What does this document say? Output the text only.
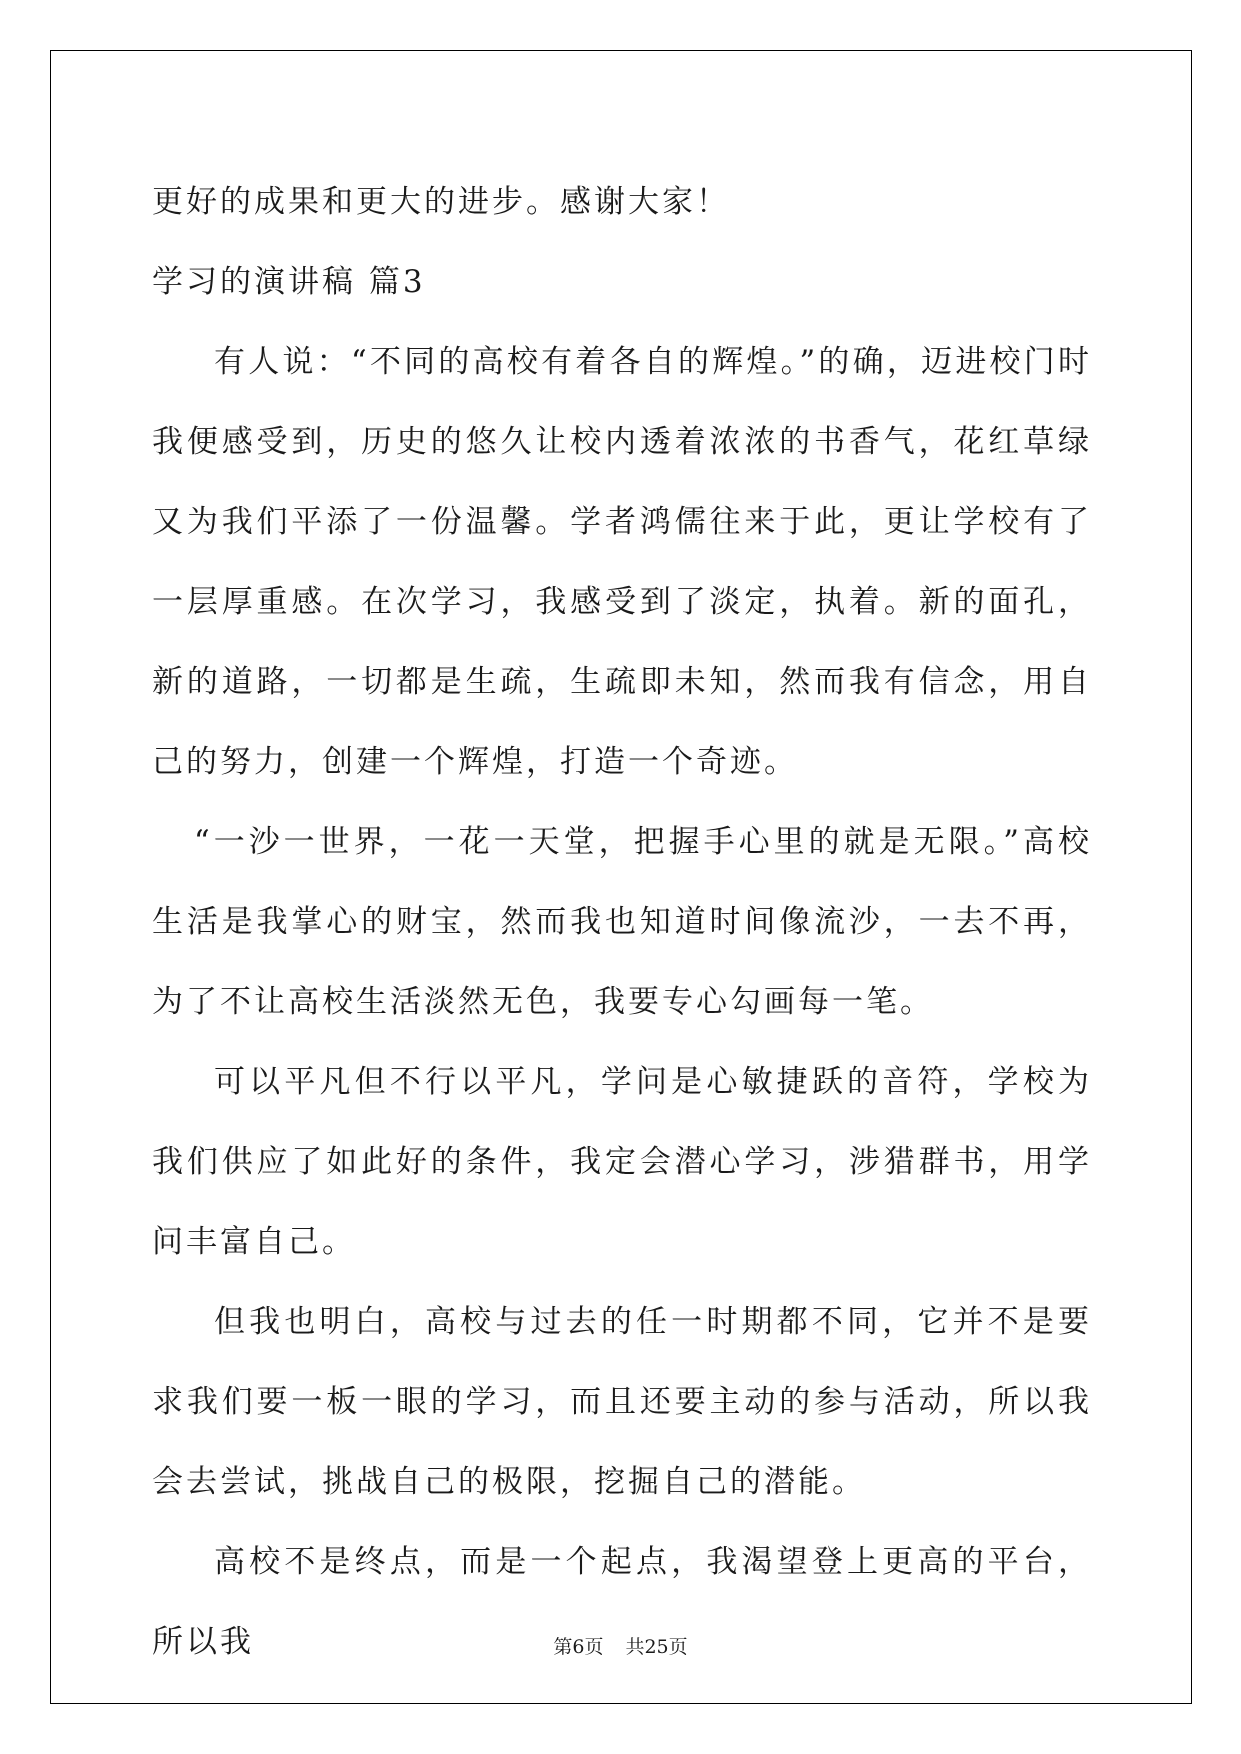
更好的成果和更大的进步。感谢大家！

学习的演讲稿 篇3

有人说：“不同的高校有着各自的辉煌。”的确，迈进校门时我便感受到，历史的悠久让校内透着浓浓的书香气，花红草绿又为我们平添了一份温馨。学者鸿儒往来于此，更让学校有了一层厚重感。在次学习，我感受到了淡定，执着。新的面孔，新的道路，一切都是生疏，生疏即未知，然而我有信念，用自己的努力，创建一个辉煌，打造一个奇迹。

“一沙一世界，一花一天堂，把握手心里的就是无限。”高校生活是我掌心的财宝，然而我也知道时间像流沙，一去不再，为了不让高校生活淡然无色，我要专心勾画每一笔。

可以平凡但不行以平凡，学问是心敏捷跃的音符，学校为我们供应了如此好的条件，我定会潜心学习，涉猎群书，用学问丰富自己。

但我也明白，高校与过去的任一时期都不同，它并不是要求我们要一板一眼的学习，而且还要主动的参与活动，所以我会去尝试，挑战自己的极限，挖掘自己的潜能。

高校不是终点，而是一个起点，我渴望登上更高的平台，所以我	第6页 共25页
